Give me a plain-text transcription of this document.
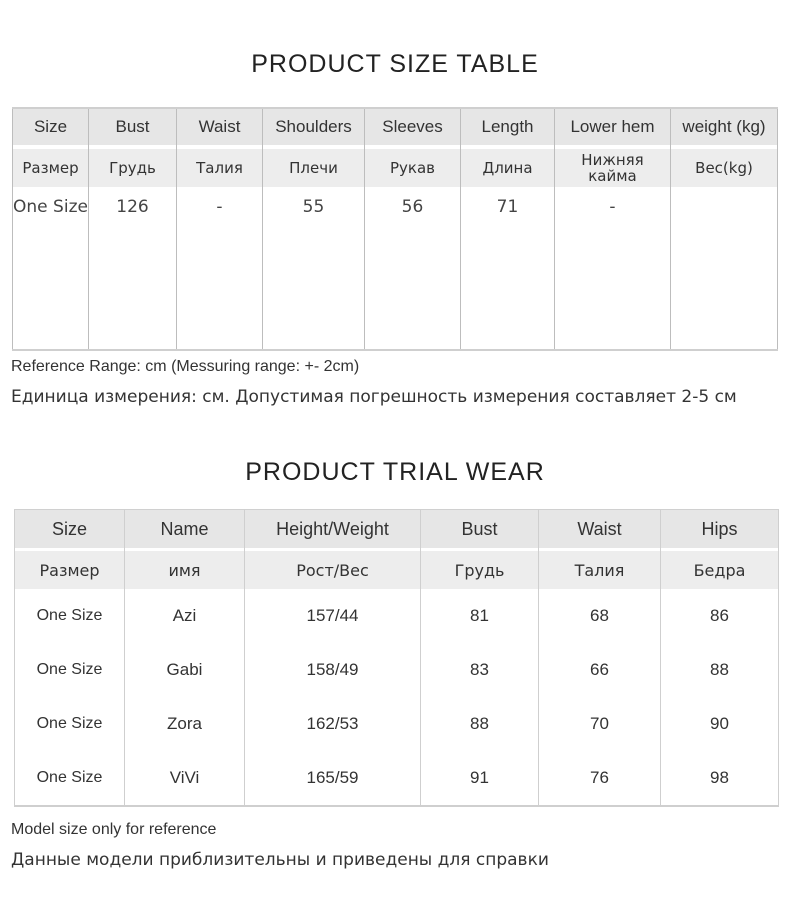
PRODUCT SIZE TABLE
Size	Bust	Waist	Shoulders	Sleeves	Length	Lower hem	weight (kg)

Размер	Грудь	Талия	Плечи	Рукав	Длина	Нижняя кайма	Вес(kg)
One Size	126	-	55	56	71	-	
Reference Range: cm (Messuring range: +- 2cm)
Единица измерения: см. Допустимая погрешность измерения составляет 2-5 см
PRODUCT TRIAL WEAR
Size	Name	Height/Weight	Bust	Waist	Hips

Размер	имя	Рост/Вес	Грудь	Талия	Бедра
One Size	Azi	157/44	81	68	86
One Size	Gabi	158/49	83	66	88
One Size	Zora	162/53	88	70	90
One Size	ViVi	165/59	91	76	98
Model size only for reference
Данные модели приблизительны и приведены для справки
